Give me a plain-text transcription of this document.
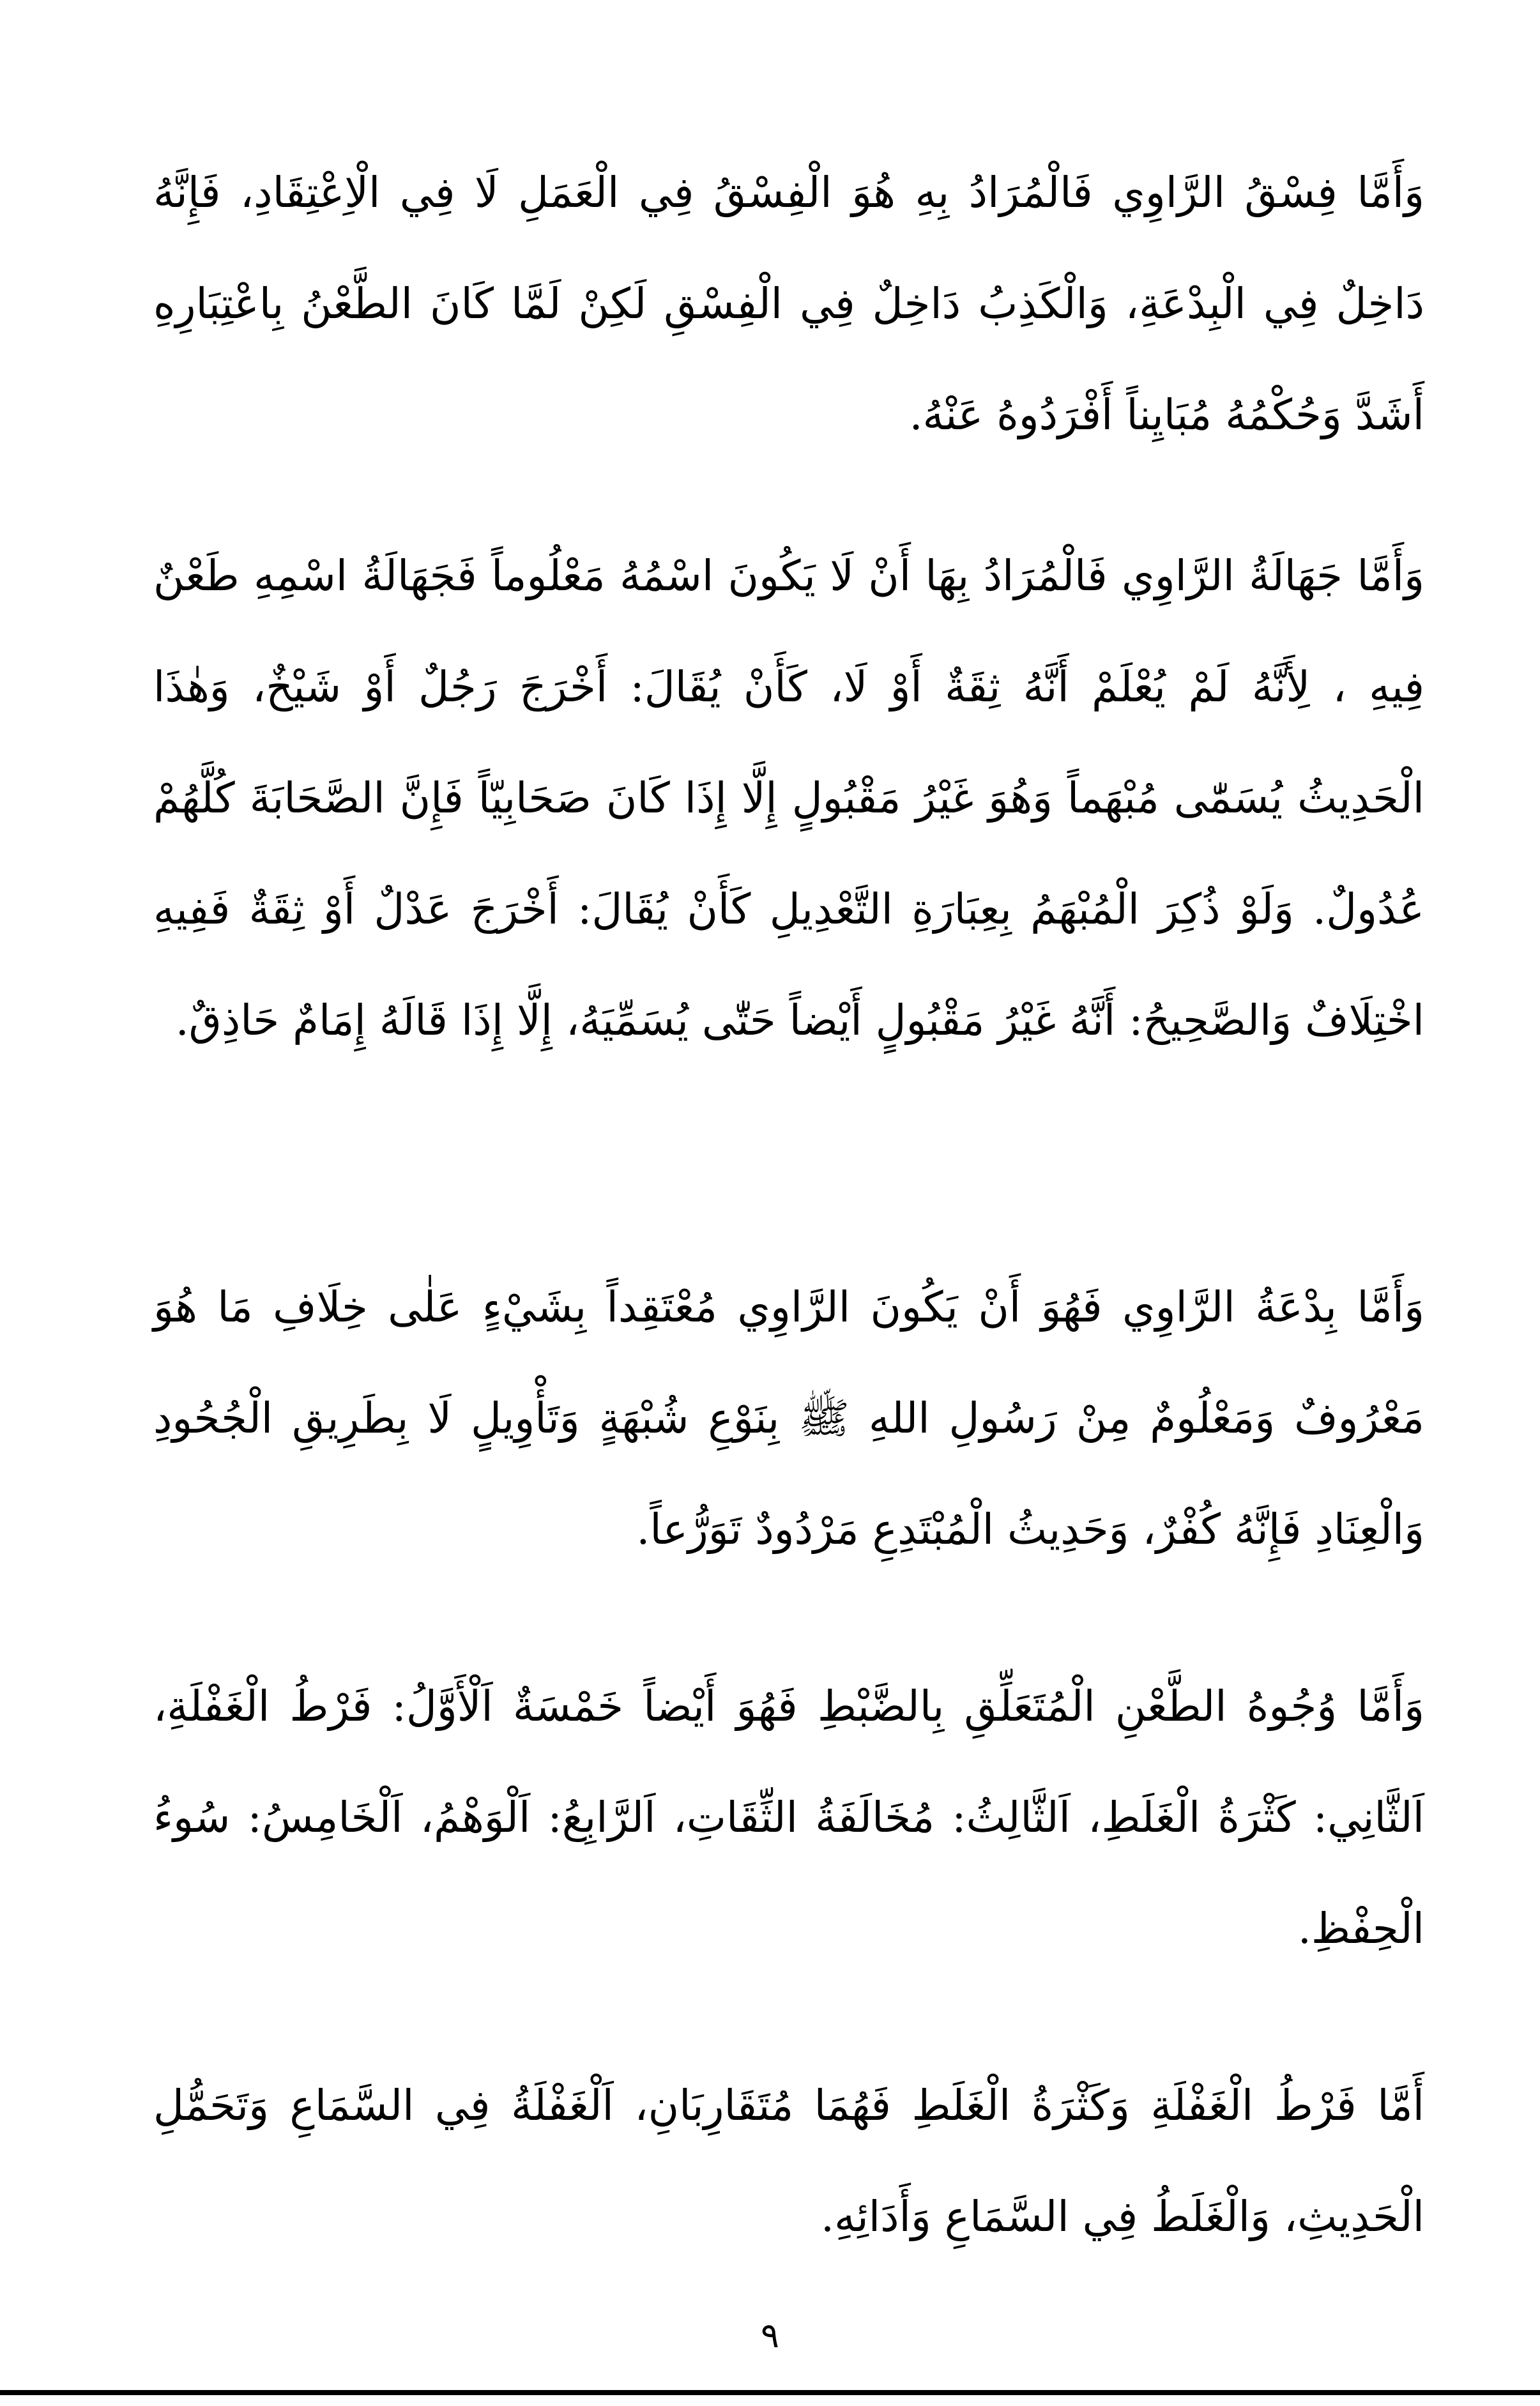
وَأَمَّا فِسْقُ الرَّاوِي فَالْمُرَادُ بِهِ هُوَ الْفِسْقُ فِي الْعَمَلِ لَا فِي الْاِعْتِقَادِ، فَإِنَّهُ دَاخِلٌ فِي الْبِدْعَةِ، وَالْكَذِبُ دَاخِلٌ فِي الْفِسْقِ لَكِنْ لَمَّا كَانَ الطَّعْنُ بِاعْتِبَارِهِ أَشَدَّ وَحُكْمُهُ مُبَايِناً أَفْرَدُوهُ عَنْهُ.

وَأَمَّا جَهَالَةُ الرَّاوِي فَالْمُرَادُ بِهَا أَنْ لَا يَكُونَ اسْمُهُ مَعْلُوماً فَجَهَالَةُ اسْمِهِ طَعْنٌ فِيهِ ، لِأَنَّهُ لَمْ يُعْلَمْ أَنَّهُ ثِقَةٌ أَوْ لَا، كَأَنْ يُقَالَ: أَخْرَجَ رَجُلٌ أَوْ شَيْخٌ، وَهٰذَا الْحَدِيثُ يُسَمّٰى مُبْهَماً وَهُوَ غَيْرُ مَقْبُولٍ إِلَّا إِذَا كَانَ صَحَابِيّاً فَإِنَّ الصَّحَابَةَ كُلَّهُمْ عُدُولٌ. وَلَوْ ذُكِرَ الْمُبْهَمُ بِعِبَارَةِ التَّعْدِيلِ كَأَنْ يُقَالَ: أَخْرَجَ عَدْلٌ أَوْ ثِقَةٌ فَفِيهِ اخْتِلَافٌ وَالصَّحِيحُ: أَنَّهُ غَيْرُ مَقْبُولٍ أَيْضاً حَتّٰى يُسَمِّيَهُ، إِلَّا إِذَا قَالَهُ إِمَامٌ حَاذِقٌ.

وَأَمَّا بِدْعَةُ الرَّاوِي فَهُوَ أَنْ يَكُونَ الرَّاوِي مُعْتَقِداً بِشَيْءٍ عَلٰى خِلَافِ مَا هُوَ مَعْرُوفٌ وَمَعْلُومٌ مِنْ رَسُولِ اللهِ ﷺ بِنَوْعِ شُبْهَةٍ وَتَأْوِيلٍ لَا بِطَرِيقِ الْجُحُودِ وَالْعِنَادِ فَإِنَّهُ كُفْرٌ، وَحَدِيثُ الْمُبْتَدِعِ مَرْدُودٌ تَوَرُّعاً.

وَأَمَّا وُجُوهُ الطَّعْنِ الْمُتَعَلِّقِ بِالضَّبْطِ فَهُوَ أَيْضاً خَمْسَةٌ اَلْأَوَّلُ: فَرْطُ الْغَفْلَةِ، اَلثَّانِي: كَثْرَةُ الْغَلَطِ، اَلثَّالِثُ: مُخَالَفَةُ الثِّقَاتِ، اَلرَّابِعُ: اَلْوَهْمُ، اَلْخَامِسُ: سُوءُ الْحِفْظِ.

أَمَّا فَرْطُ الْغَفْلَةِ وَكَثْرَةُ الْغَلَطِ فَهُمَا مُتَقَارِبَانِ، اَلْغَفْلَةُ فِي السَّمَاعِ وَتَحَمُّلِ الْحَدِيثِ، وَالْغَلَطُ فِي السَّمَاعِ وَأَدَائِهِ.

٩
